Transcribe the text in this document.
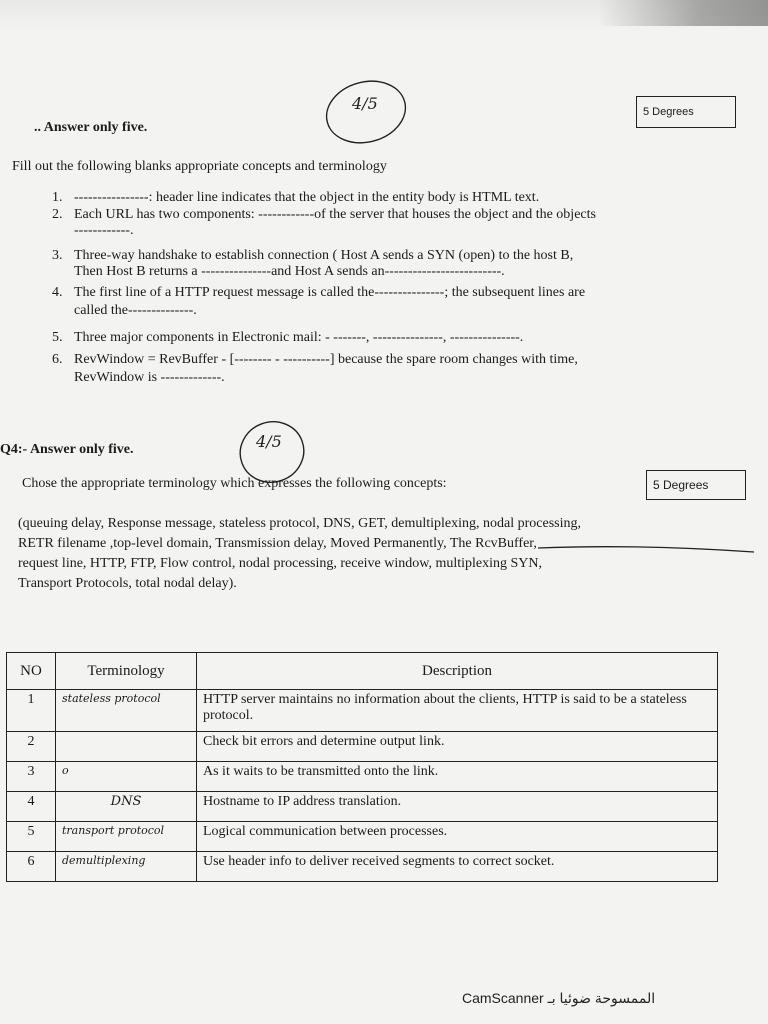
.. Answer only five.
4/5	5 Degrees
Fill out the following blanks appropriate concepts and terminology
1. ----------------: header line indicates that the object in the entity body is HTML text.
2. Each URL has two components: ------------of the server that houses the object and the objects
------------.
3. Three-way handshake to establish connection ( Host A sends a SYN (open) to the host B,
Then Host B returns a ---------------and Host A sends an-------------------------.
4. The first line of a HTTP request message is called the---------------; the subsequent lines are
called the--------------.
5. Three major components in Electronic mail: - -------, ---------------, ---------------.
6. RevWindow = RevBuffer - [-------- - ----------] because the spare room changes with time,
RevWindow is -------------.
Q4:- Answer only five.	4/5
5 Degrees
Chose the appropriate terminology which expresses the following concepts:
(queuing delay, Response message, stateless protocol, DNS, GET, demultiplexing, nodal processing,
RETR filename ,top-level domain, Transmission delay, Moved Permanently, The RcvBuffer,
request line, HTTP, FTP, Flow control, nodal processing, receive window, multiplexing SYN,
Transport Protocols, total nodal delay).
NO	Terminology	Description
1	stateless protocol	HTTP server maintains no information about the clients, HTTP is said to be a stateless protocol.
2		Check bit errors and determine output link.
3	o	As it waits to be transmitted onto the link.
4	DNS	Hostname to IP address translation.
5	transport protocol	Logical communication between processes.
6	demultiplexing	Use header info to deliver received segments to correct socket.
CamScanner الممسوحة ضوئيا بـ
